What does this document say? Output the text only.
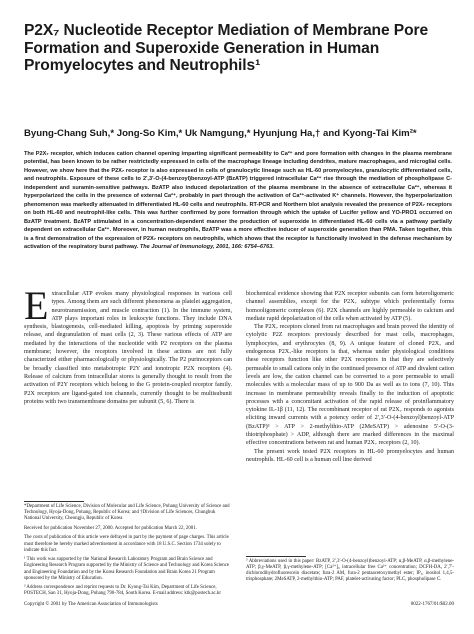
P2X₇ Nucleotide Receptor Mediation of Membrane Pore Formation and Superoxide Generation in Human Promyelocytes and Neutrophils¹
Byung-Chang Suh,* Jong-So Kim,* Uk Namgung,* Hyunjung Ha,† and Kyong-Tai Kim²*
The P2X₇ receptor, which induces cation channel opening imparting significant permeability to Ca²⁺ and pore formation with changes in the plasma membrane potential, has been known to be rather restrictedly expressed in cells of the macrophage lineage including dendrites, mature macrophages, and microglial cells. However, we show here that the P2X₇ receptor is also expressed in cells of granulocytic lineage such as HL-60 promyelocytes, granulocytic differentiated cells, and neutrophils. Exposure of these cells to 2′,3′-O-(4-benzoyl)benzoyl-ATP (BzATP) triggered intracellular Ca²⁺ rise through the mediation of phospholipase C-independent and suramin-sensitive pathways. BzATP also induced depolarization of the plasma membrane in the absence of extracellular Ca²⁺, whereas it hyperpolarized the cells in the presence of external Ca²⁺, probably in part through the activation of Ca²⁺-activated K⁺ channels. However, the hyperpolarization phenomenon was markedly attenuated in differentiated HL-60 cells and neutrophils. RT-PCR and Northern blot analysis revealed the presence of P2X₇ receptors on both HL-60 and neutrophil-like cells. This was further confirmed by pore formation through which the uptake of Lucifer yellow and YO-PRO1 occurred on BzATP treatment. BzATP stimulated in a concentration-dependent manner the production of superoxide in differentiated HL-60 cells via a pathway partially dependent on extracellular Ca²⁺. Moreover, in human neutrophils, BzATP was a more effective inducer of superoxide generation than PMA. Taken together, this is a first demonstration of the expression of P2X₇ receptors on neutrophils, which shows that the receptor is functionally involved in the defense mechanism by activation of the respiratory burst pathway. The Journal of Immunology, 2001, 166: 6754–6763.
E xtracellular ATP evokes many physiological responses in various cell types. Among them are such different phenomena as platelet aggregation, neurotransmission, and muscle contraction (1). In the immune system, ATP plays important roles in leukocyte functions. They include DNA synthesis, blastogenesis, cell-mediated killing, apoptosis by priming superoxide release, and degranulation of mast cells (2, 3). These various effects of ATP are mediated by the interactions of the nucleotide with P2 receptors on the plasma membrane; however, the receptors involved in these actions are not fully characterized either pharmacologically or physiologically. The P2 purinoceptors can be broadly classified into metabotropic P2Y and ionotropic P2X receptors (4). Release of calcium from intracellular stores is generally thought to result from the activation of P2Y receptors which belong to the G protein-coupled receptor family. P2X receptors are ligand-gated ion channels, currently thought to be multisubunit proteins with two transmembrane domains per subunit (5, 6). There is

biochemical evidence showing that P2X receptor subunits can form heteroligomeric channel assemblies, except for the P2X₇ subtype which preferentially forms homooligomeric complexes (6). P2X channels are highly permeable to calcium and mediate rapid depolarization of the cells when activated by ATP (5).

The P2X₇ receptors cloned from rat macrophages and brain proved the identity of cytolytic P2Z receptors previously described for mast cells, macrophages, lymphocytes, and erythrocytes (8, 9). A unique feature of cloned P2X₇ and endogenous P2X₇-like receptors is that, whereas under physiological conditions these receptors function like other P2X receptors in that they are selectively permeable to small cations only in the continued presence of ATP and divalent cation levels are low, the cation channel can be converted to a pore permeable to small molecules with a molecular mass of up to 900 Da as well as to ions (7, 10). This increase in membrane permeability reveals finally to the induction of apoptotic processes with a concomitant activation of the rapid release of proinflammatory cytokine IL-1β (11, 12). The recombinant receptor of rat P2X₇ responds to agonists eliciting inward currents with a potency order of 2′,3′-O-(4-benzoyl)benzoyl-ATP (BzATP)³ > ATP > 2-methylthio-ATP (2MeSATP) > adenosine 5′-O-(3-thiotriphosphate) > ADP, although there are marked differences in the maximal effective concentrations between rat and human P2X₇ receptors (2, 10).

The present work tested P2X receptors in HL-60 promyelocytes and human neutrophils. HL-60 cell is a human cell line derived

*Department of Life Science, Division of Molecular and Life Science, Pohang University of Science and Technology, Hyoja-Dong, Pohang, Republic of Korea; and †Division of Life Sciences, Chungbuk National University, Cheongju, Republic of Korea

Received for publication November 27, 2000. Accepted for publication March 22, 2001.

The costs of publication of this article were defrayed in part by the payment of page charges. This article must therefore be hereby marked advertisement in accordance with 18 U.S.C. Section 1734 solely to indicate this fact.

¹ This work was supported by the National Research Laboratory Program and Brain Science and Engineering Research Program supported by the Ministry of Science and Technology and Korea Science and Engineering Foundation and by the Korea Research Foundation and Brain Korea 21 Program sponsored by the Ministry of Education.

² Address correspondence and reprint requests to Dr. Kyong-Tai Kim, Department of Life Science, POSTECH, San 31, Hyoja-Dong, Pohang 790-784, South Korea. E-mail address: ktk@postech.ac.kr

³ Abbreviations used in this paper: BzATP, 2′,3′-O-(4-benzoyl)benzoyl-ATP; α,β-MeATP, α,β-methylene-ATP; β,γ-MeATP, β,γ-methylene-ATP; [Ca²⁺]ᵢ, intracellular free Ca²⁺ concentration; DCFH-DA, 2′,7′-dichlorodihydrofluorescein diacetate; fura-2 AM, fura-2 pentaacetoxymethyl ester; IPₓ, inositol 1,4,5-trisphosphate; 2MeSATP, 2-methylthio-ATP; PAF, platelet-activating factor; PLC, phospholipase C.
Copyright © 2001 by The American Association of Immunologists	0022-1767/01/$02.00
